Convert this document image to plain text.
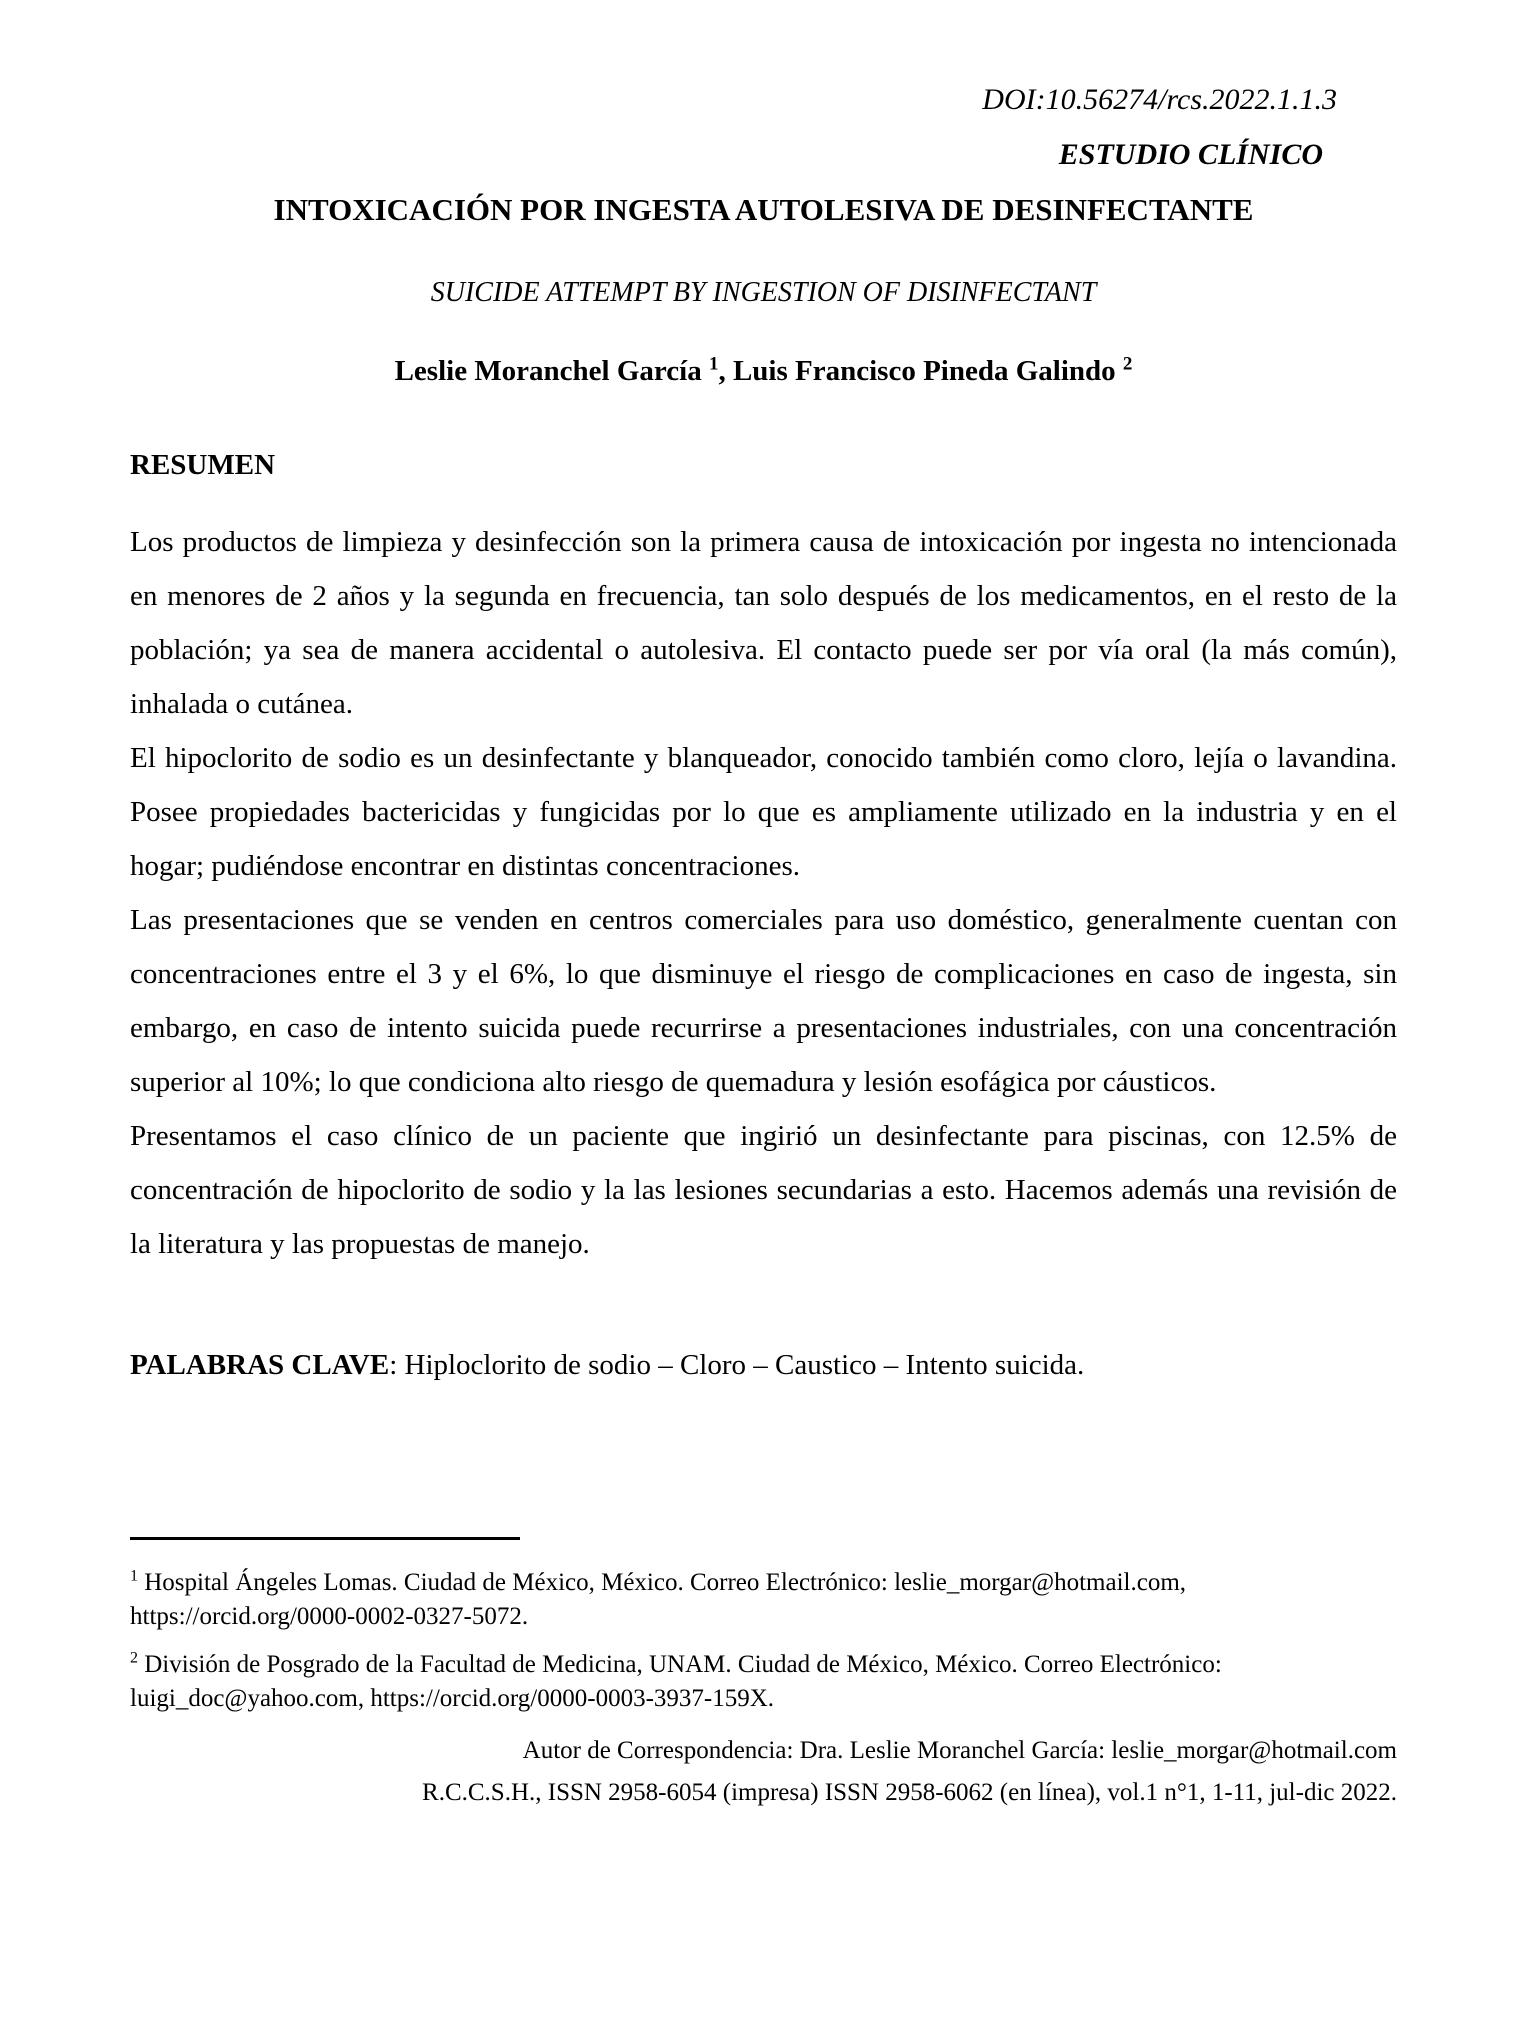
DOI:10.56274/rcs.2022.1.1.3
ESTUDIO CLÍNICO
INTOXICACIÓN POR INGESTA AUTOLESIVA DE DESINFECTANTE
SUICIDE ATTEMPT BY INGESTION OF DISINFECTANT
Leslie Moranchel García $^1$, Luis Francisco Pineda Galindo $^2$
RESUMEN

Los productos de limpieza y desinfección son la primera causa de intoxicación por ingesta no intencionada en menores de 2 años y la segunda en frecuencia, tan solo después de los medicamentos, en el resto de la población; ya sea de manera accidental o autolesiva. El contacto puede ser por vía oral (la más común), inhalada o cutánea.

El hipoclorito de sodio es un desinfectante y blanqueador, conocido también como cloro, lejía o lavandina. Posee propiedades bactericidas y fungicidas por lo que es ampliamente utilizado en la industria y en el hogar; pudiéndose encontrar en distintas concentraciones.

Las presentaciones que se venden en centros comerciales para uso doméstico, generalmente cuentan con concentraciones entre el 3 y el 6%, lo que disminuye el riesgo de complicaciones en caso de ingesta, sin embargo, en caso de intento suicida puede recurrirse a presentaciones industriales, con una concentración superior al 10%; lo que condiciona alto riesgo de quemadura y lesión esofágica por cáusticos.

Presentamos el caso clínico de un paciente que ingirió un desinfectante para piscinas, con 12.5% de concentración de hipoclorito de sodio y la las lesiones secundarias a esto. Hacemos además una revisión de la literatura y las propuestas de manejo.

PALABRAS CLAVE: Hiploclorito de sodio – Cloro – Caustico – Intento suicida.
$^1$ Hospital Ángeles Lomas. Ciudad de México, México. Correo Electrónico: leslie_morgar@hotmail.com, https://orcid.org/0000-0002-0327-5072.
$^2$ División de Posgrado de la Facultad de Medicina, UNAM. Ciudad de México, México. Correo Electrónico: luigi_doc@yahoo.com, https://orcid.org/0000-0003-3937-159X.
Autor de Correspondencia: Dra. Leslie Moranchel García: leslie_morgar@hotmail.com
R.C.C.S.H., ISSN 2958-6054 (impresa) ISSN 2958-6062 (en línea), vol.1 n°1, 1-11, jul-dic 2022.
